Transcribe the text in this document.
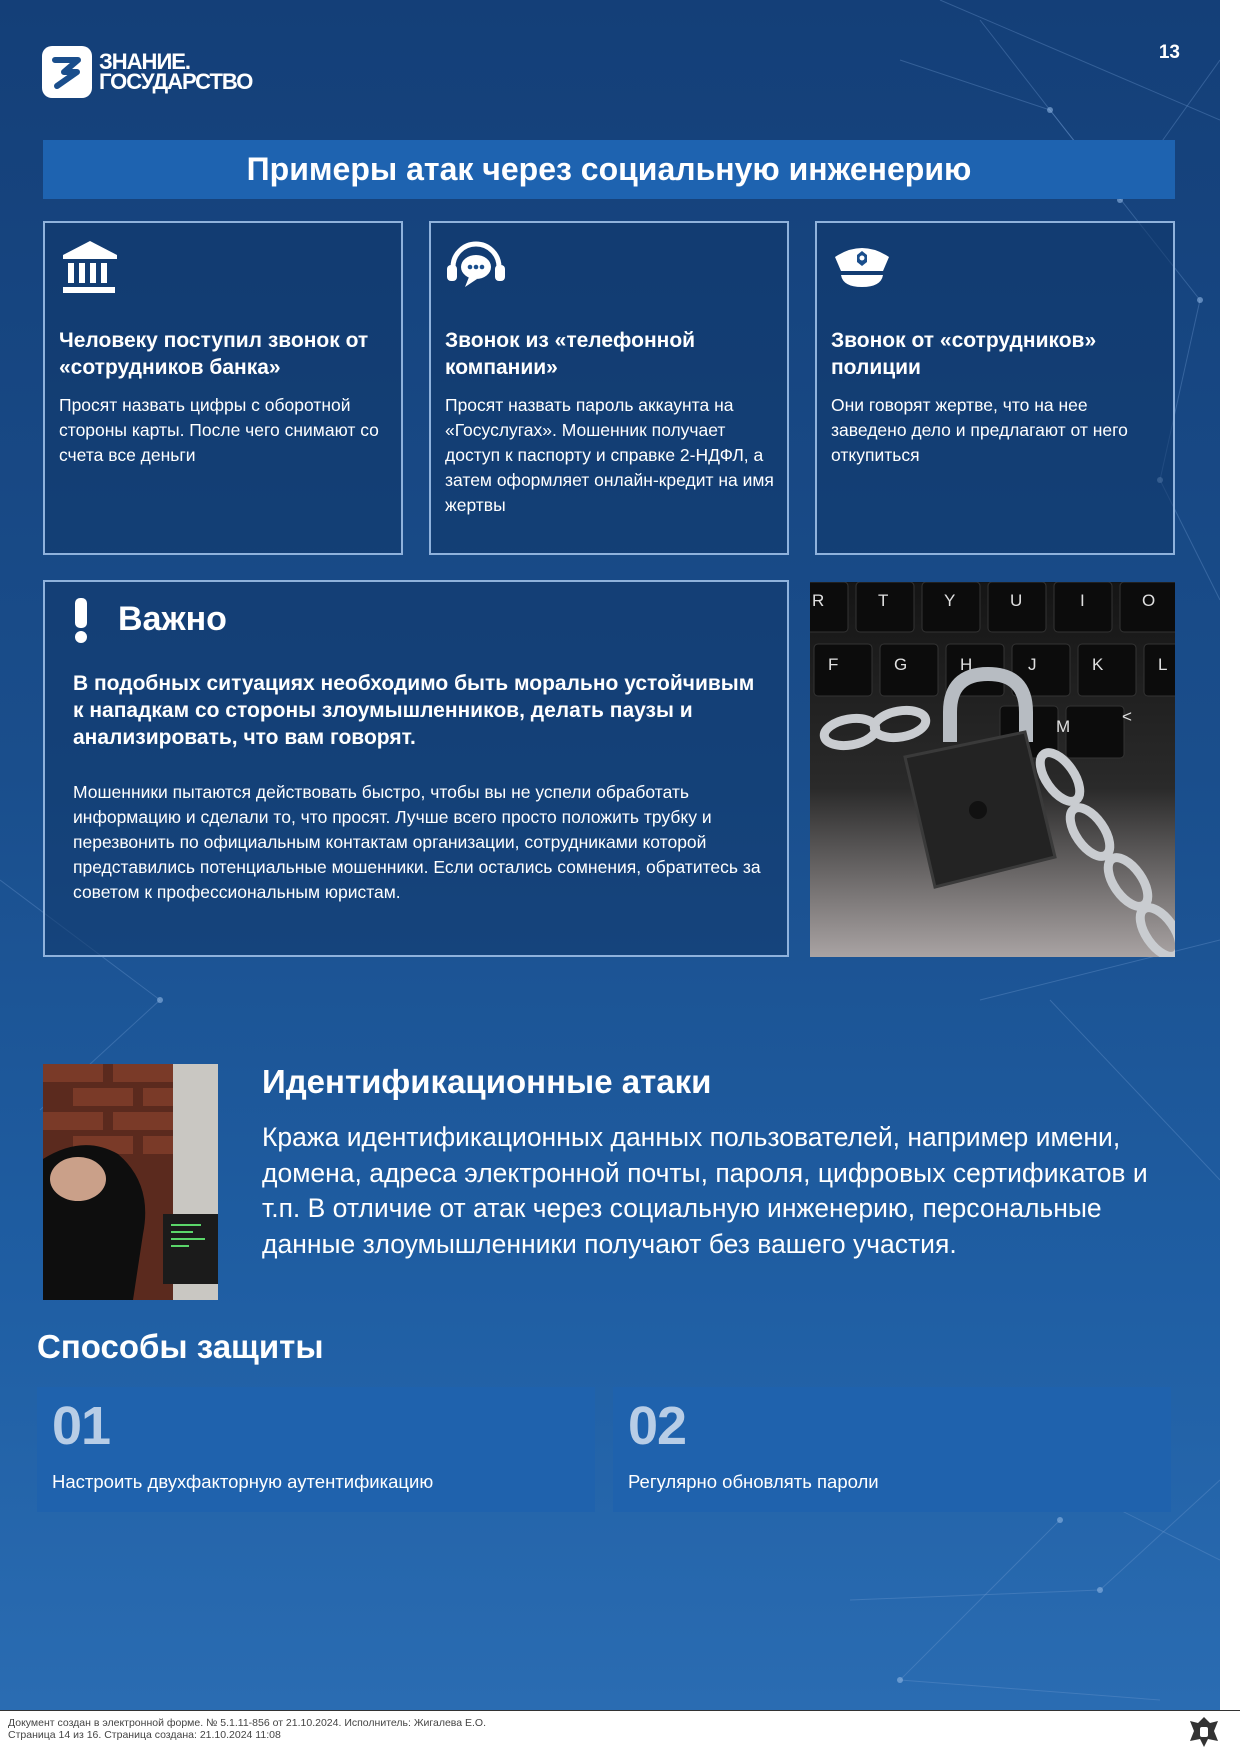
ЗНАНИЕ.
ГОСУДАРСТВО
13
Примеры атак через социальную инженерию
Человеку поступил звонок от «сотрудников банка»
Просят назвать цифры с оборотной стороны карты. После чего снимают со счета все деньги
Звонок из «телефонной компании»
Просят назвать пароль аккаунта на «Госуслугах». Мошенник получает доступ к паспорту и справке 2-НДФЛ, а затем оформляет онлайн-кредит на имя жертвы
Звонок от «сотрудников» полиции
Они говорят жертве, что на нее заведено дело и предлагают от него откупиться
Важно
В подобных ситуациях необходимо быть морально устойчивым к нападкам со стороны злоумышленников, делать паузы и анализировать, что вам говорят.
Мошенники пытаются действовать быстро, чтобы вы не успели обработать информацию и сделали то, что просят. Лучше всего просто положить трубку и перезвонить по официальным контактам организации, сотрудниками которой представились потенциальные мошенники. Если остались сомнения, обратитесь за советом к профессиональным юристам.
R	T	Y	U	I	O
F	G	H	J	K	L
M
<
Идентификационные атаки
Кража идентификационных данных пользователей, например имени, домена, адреса электронной почты, пароля, цифровых сертификатов и т.п. В отличие от атак через социальную инженерию, персональные данные злоумышленники получают без вашего участия.
Способы защиты
01
Настроить двухфакторную аутентификацию
02
Регулярно обновлять пароли
Документ создан в электронной форме. № 5.1.11-856 от 21.10.2024. Исполнитель: Жигалева Е.О.
Страница 14 из 16. Страница создана: 21.10.2024 11:08
